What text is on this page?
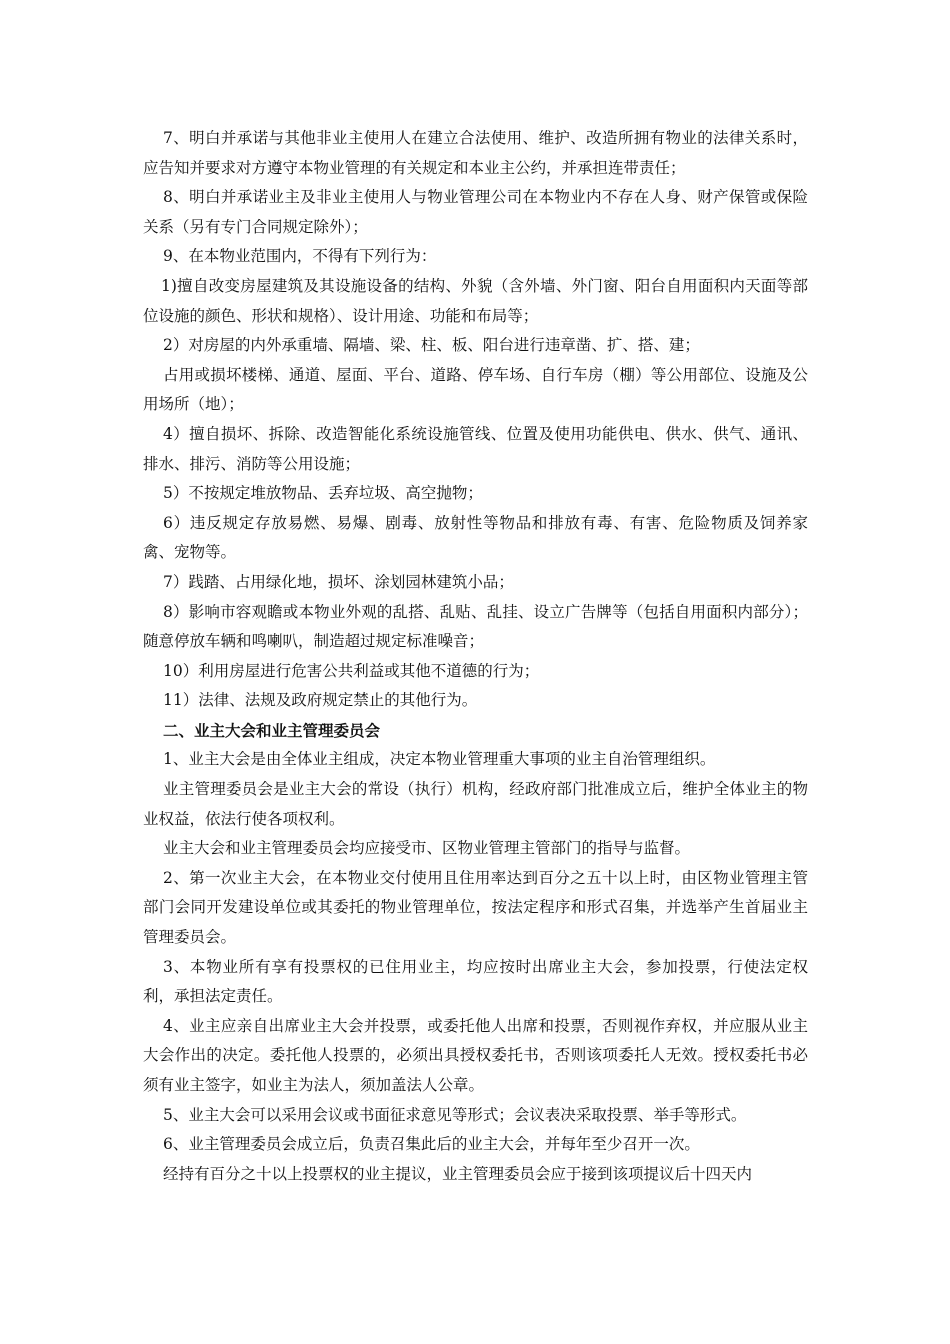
7、明白并承诺与其他非业主使用人在建立合法使用、维护、改造所拥有物业的法律关系时，应告知并要求对方遵守本物业管理的有关规定和本业主公约，并承担连带责任；

8、明白并承诺业主及非业主使用人与物业管理公司在本物业内不存在人身、财产保管或保险关系（另有专门合同规定除外）；

9、在本物业范围内，不得有下列行为：

1)擅自改变房屋建筑及其设施设备的结构、外貌（含外墙、外门窗、阳台自用面积内天面等部位设施的颜色、形状和规格）、设计用途、功能和布局等；

2）对房屋的内外承重墙、隔墙、梁、柱、板、阳台进行违章凿、扩、搭、建；

占用或损坏楼梯、通道、屋面、平台、道路、停车场、自行车房（棚）等公用部位、设施及公用场所（地）；

4）擅自损坏、拆除、改造智能化系统设施管线、位置及使用功能供电、供水、供气、通讯、排水、排污、消防等公用设施；

5）不按规定堆放物品、丢弃垃圾、高空抛物；

6）违反规定存放易燃、易爆、剧毒、放射性等物品和排放有毒、有害、危险物质及饲养家禽、宠物等。

7）践踏、占用绿化地，损坏、涂划园林建筑小品；

8）影响市容观瞻或本物业外观的乱搭、乱贴、乱挂、设立广告牌等（包括自用面积内部分）；随意停放车辆和鸣喇叭，制造超过规定标准噪音；

10）利用房屋进行危害公共利益或其他不道德的行为；

11）法律、法规及政府规定禁止的其他行为。

二、业主大会和业主管理委员会

1、业主大会是由全体业主组成，决定本物业管理重大事项的业主自治管理组织。

业主管理委员会是业主大会的常设（执行）机构，经政府部门批准成立后，维护全体业主的物业权益，依法行使各项权利。

业主大会和业主管理委员会均应接受市、区物业管理主管部门的指导与监督。

2、第一次业主大会，在本物业交付使用且住用率达到百分之五十以上时，由区物业管理主管部门会同开发建设单位或其委托的物业管理单位，按法定程序和形式召集，并选举产生首届业主管理委员会。

3、本物业所有享有投票权的已住用业主，均应按时出席业主大会，参加投票，行使法定权利，承担法定责任。

4、业主应亲自出席业主大会并投票，或委托他人出席和投票，否则视作弃权，并应服从业主大会作出的决定。委托他人投票的，必须出具授权委托书，否则该项委托人无效。授权委托书必须有业主签字，如业主为法人，须加盖法人公章。

5、业主大会可以采用会议或书面征求意见等形式；会议表决采取投票、举手等形式。

6、业主管理委员会成立后，负责召集此后的业主大会，并每年至少召开一次。

经持有百分之十以上投票权的业主提议，业主管理委员会应于接到该项提议后十四天内
